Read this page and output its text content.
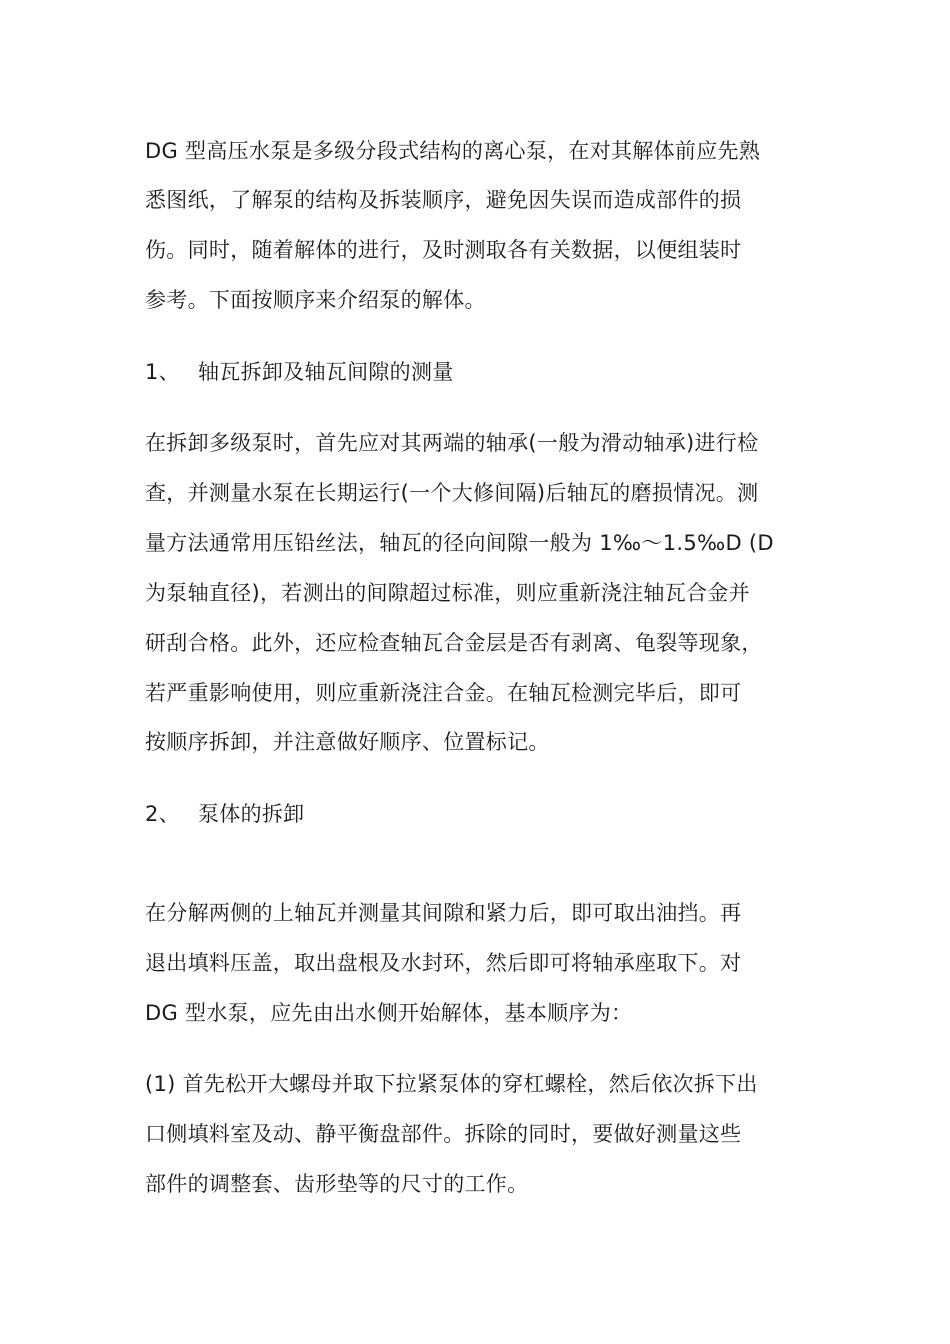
DG 型高压水泵是多级分段式结构的离心泵，在对其解体前应先熟
悉图纸，了解泵的结构及拆装顺序，避免因失误而造成部件的损
伤。同时，随着解体的进行，及时测取各有关数据，以便组装时
参考。下面按顺序来介绍泵的解体。
1、 轴瓦拆卸及轴瓦间隙的测量
在拆卸多级泵时，首先应对其两端的轴承(一般为滑动轴承)进行检
查，并测量水泵在长期运行(一个大修间隔)后轴瓦的磨损情况。测
量方法通常用压铅丝法，轴瓦的径向间隙一般为 1‰～1.5‰D (D
为泵轴直径)，若测出的间隙超过标准，则应重新浇注轴瓦合金并
研刮合格。此外，还应检查轴瓦合金层是否有剥离、龟裂等现象，
若严重影响使用，则应重新浇注合金。在轴瓦检测完毕后，即可
按顺序拆卸，并注意做好顺序、位置标记。
2、 泵体的拆卸
在分解两侧的上轴瓦并测量其间隙和紧力后，即可取出油挡。再
退出填料压盖，取出盘根及水封环，然后即可将轴承座取下。对
DG 型水泵，应先由出水侧开始解体，基本顺序为：
(1) 首先松开大螺母并取下拉紧泵体的穿杠螺栓，然后依次拆下出
口侧填料室及动、静平衡盘部件。拆除的同时，要做好测量这些
部件的调整套、齿形垫等的尺寸的工作。
